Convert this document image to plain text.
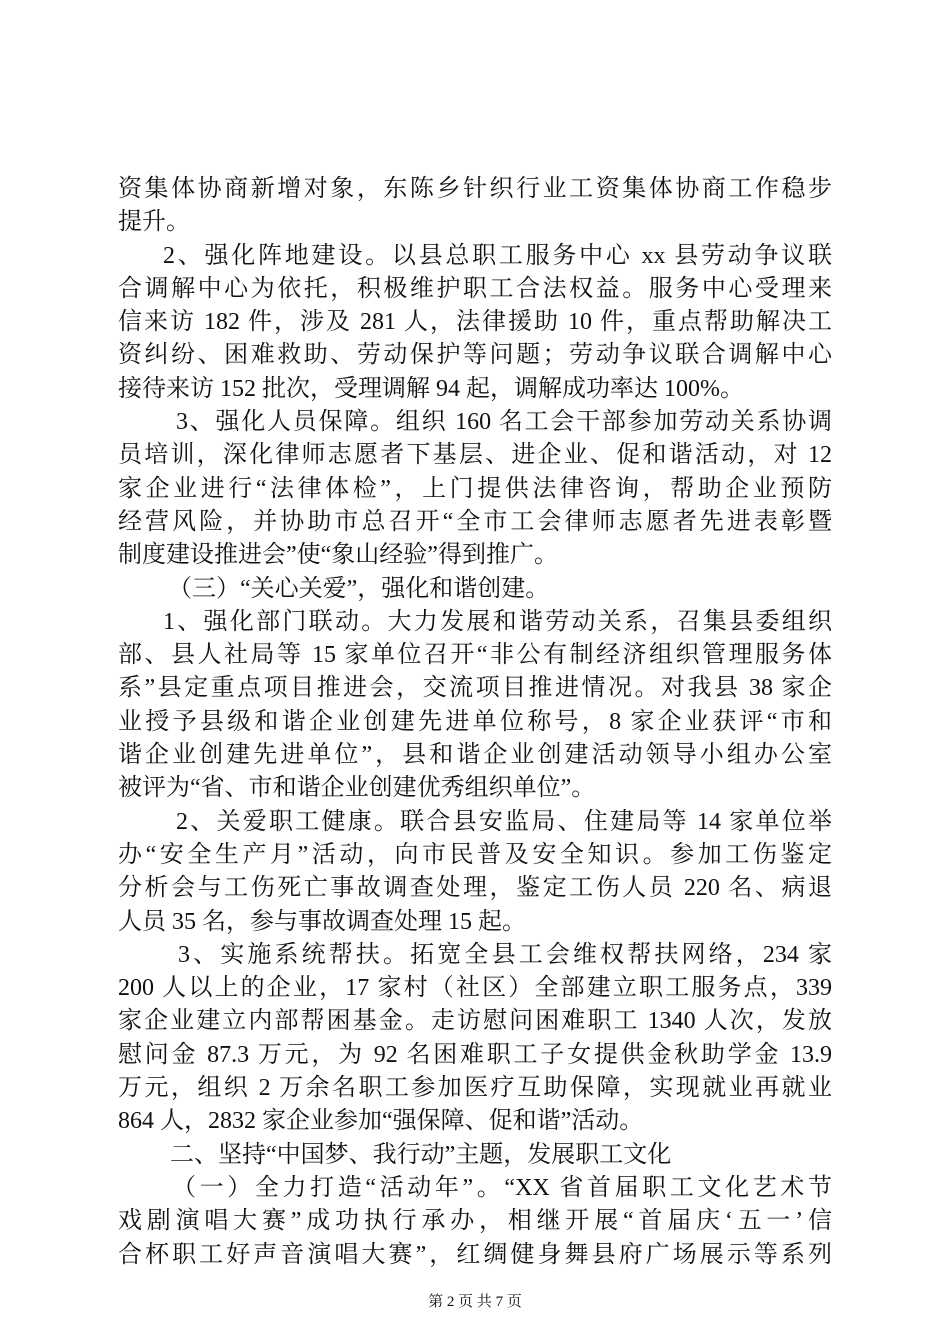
资集体协商新增对象，东陈乡针织行业工资集体协商工作稳步
提升。
2、强化阵地建设。以县总职工服务中心 xx 县劳动争议联
合调解中心为依托，积极维护职工合法权益。服务中心受理来
信来访 182 件，涉及 281 人，法律援助 10 件，重点帮助解决工
资纠纷、困难救助、劳动保护等问题；劳动争议联合调解中心
接待来访 152 批次，受理调解 94 起，调解成功率达 100%。
3、强化人员保障。组织 160 名工会干部参加劳动关系协调
员培训，深化律师志愿者下基层、进企业、促和谐活动，对 12
家企业进行“法律体检”，上门提供法律咨询，帮助企业预防
经营风险，并协助市总召开“全市工会律师志愿者先进表彰暨
制度建设推进会”使“象山经验”得到推广。
（三）“关心关爱”，强化和谐创建。
1、强化部门联动。大力发展和谐劳动关系，召集县委组织
部、县人社局等 15 家单位召开“非公有制经济组织管理服务体
系”县定重点项目推进会，交流项目推进情况。对我县 38 家企
业授予县级和谐企业创建先进单位称号，8 家企业获评“市和
谐企业创建先进单位”，县和谐企业创建活动领导小组办公室
被评为“省、市和谐企业创建优秀组织单位”。
2、关爱职工健康。联合县安监局、住建局等 14 家单位举
办“安全生产月”活动，向市民普及安全知识。参加工伤鉴定
分析会与工伤死亡事故调查处理，鉴定工伤人员 220 名、病退
人员 35 名，参与事故调查处理 15 起。
3、实施系统帮扶。拓宽全县工会维权帮扶网络，234 家
200 人以上的企业，17 家村（社区）全部建立职工服务点，339
家企业建立内部帮困基金。走访慰问困难职工 1340 人次，发放
慰问金 87.3 万元，为 92 名困难职工子女提供金秋助学金 13.9
万元，组织 2 万余名职工参加医疗互助保障，实现就业再就业
864 人，2832 家企业参加“强保障、促和谐”活动。
二、坚持“中国梦、我行动”主题，发展职工文化
（一）全力打造“活动年”。“XX 省首届职工文化艺术节
戏剧演唱大赛”成功执行承办，相继开展“首届庆‘五一’信
合杯职工好声音演唱大赛”，红绸健身舞县府广场展示等系列
第 2 页 共 7 页
